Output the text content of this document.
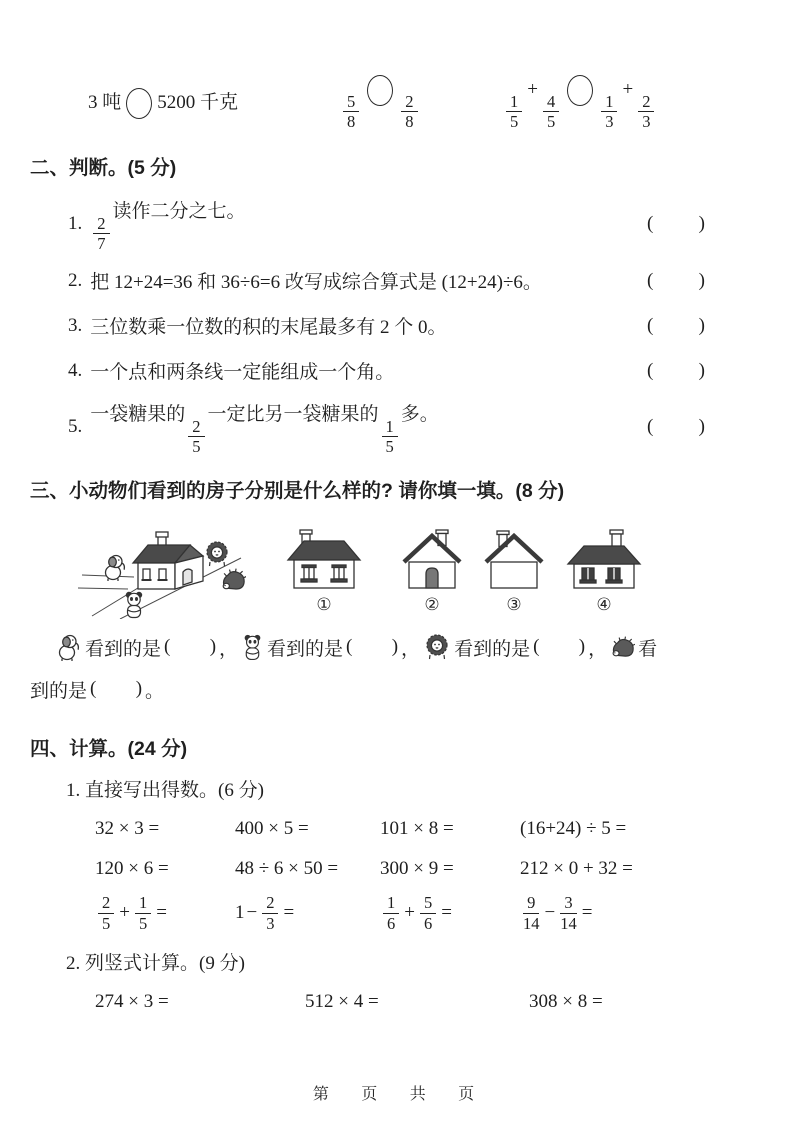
3 吨 5200 千克	$\frac{5}{8}$	$\frac{2}{8}$	$\frac{1}{5}$
+
$\frac{4}{5}$	$\frac{1}{3}$
+
$\frac{2}{3}$
二、判断。(5 分)
1. $\frac{2}{7}$
读作二分之七。
( )
2. 把 12+24=36 和 36÷6=6 改写成综合算式是 (12+24)÷6。	( )
3. 三位数乘一位数的积的末尾最多有 2 个 0。	( )
4. 一个点和两条线一定能组成一个角。	( )
5.
一袋糖果的
$\frac{2}{5}$
一定比另一袋糖果的
$\frac{1}{5}$
多。
( )
三、小动物们看到的房子分别是什么样的? 请你填一填。(8 分)
①	②	③	④
看到的是 ( ) ， 看到的是 ( ) ， 看到的是 ( ) ， 看
到的是 ( ) 。
四、计算。(24 分)
1. 直接写出得数。(6 分)
32 × 3 =	400 × 5 =	101 × 8 =	(16+24) ÷ 5 =
120 × 6 =	48 ÷ 6 × 50 =	300 × 9 =	212 × 0 + 32 =
$\frac{2}{5} + \frac{1}{5}$ =	$1 - \frac{2}{3}$ =	$\frac{1}{6} + \frac{5}{6}$ =	$\frac{9}{14} - \frac{3}{14}$ =
2. 列竖式计算。(9 分)
274 × 3 =	512 × 4 =	308 × 8 =
第 页 共 页
